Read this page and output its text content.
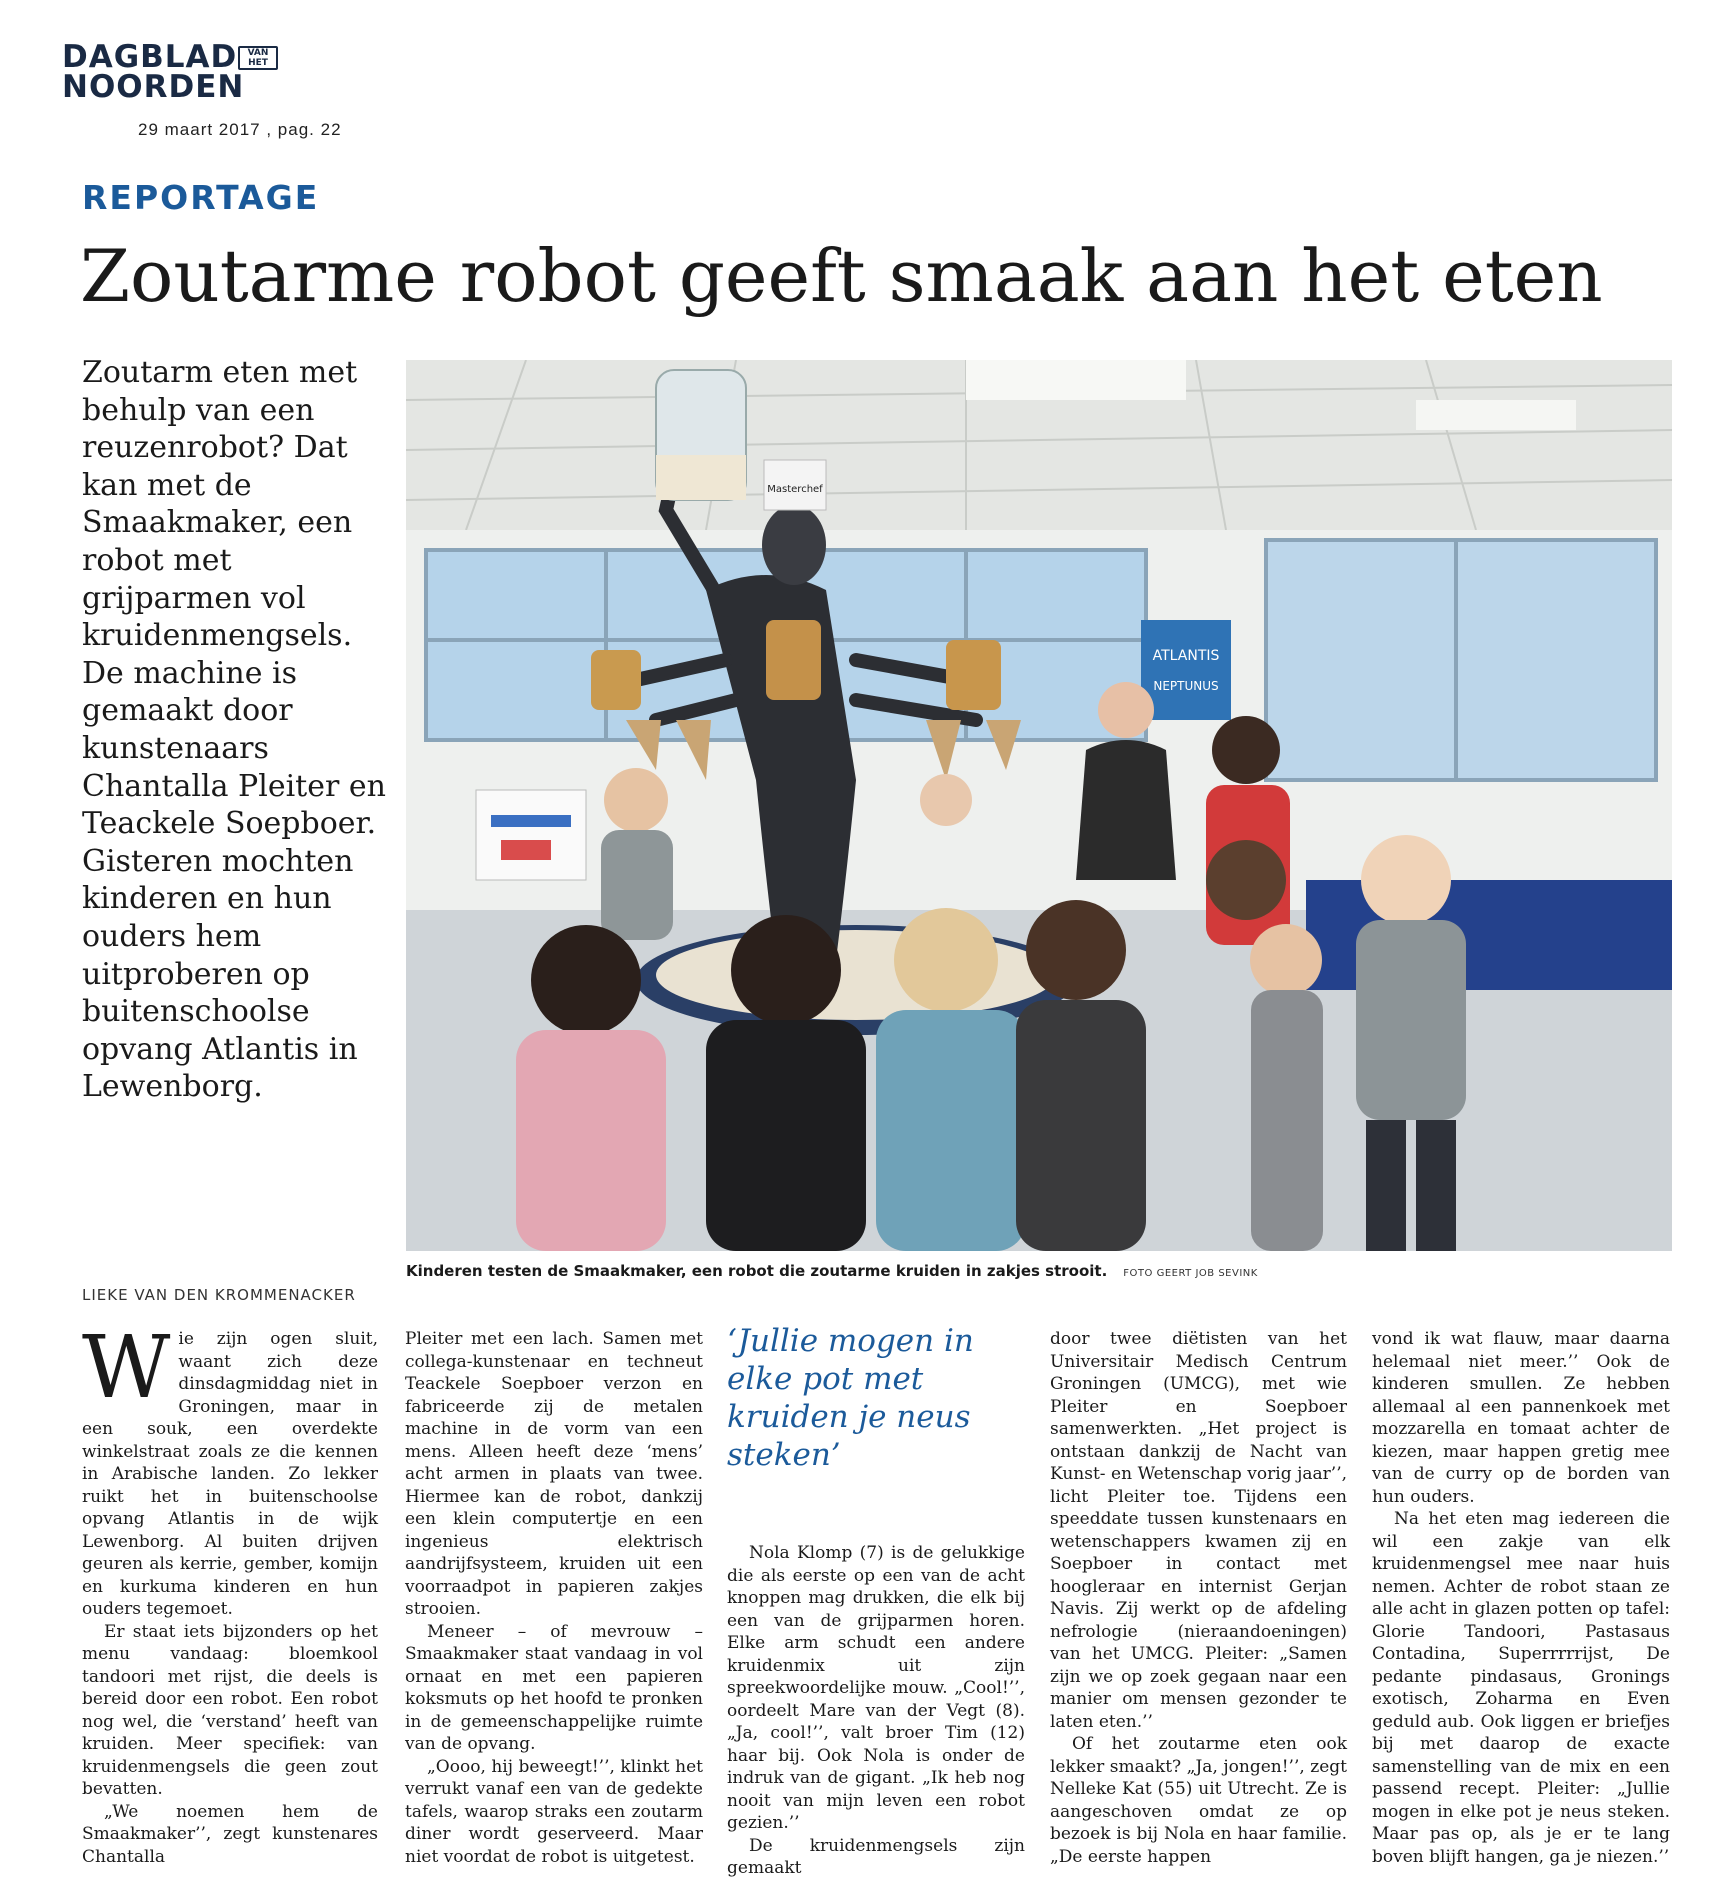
DAGBLAD
NOORDEN
VAN HET
29 maart 2017 , pag. 22
REPORTAGE
Zoutarme robot geeft smaak aan het eten
Zoutarm eten met behulp van een reuzenrobot? Dat kan met de Smaakmaker, een robot met grijparmen vol kruidenmengsels. De machine is gemaakt door kunstenaars Chantalla Pleiter en Teackele Soepboer. Gisteren mochten kinderen en hun ouders hem uitproberen op buitenschoolse opvang Atlantis in Lewenborg.
ATLANTIS
NEPTUNUS
Masterchef
Kinderen testen de Smaakmaker, een robot die zoutarme kruiden in zakjes strooit. FOTO GEERT JOB SEVINK
LIEKE VAN DEN KROMMENACKER
W ie zijn ogen sluit, waant zich deze dinsdagmiddag niet in Groningen, maar in een souk, een overdekte winkelstraat zoals ze die kennen in Arabische landen. Zo lekker ruikt het in buitenschoolse opvang Atlantis in de wijk Lewenborg. Al buiten drijven geuren als kerrie, gember, komijn en kurkuma kinderen en hun ouders tegemoet.

Er staat iets bijzonders op het menu vandaag: bloemkool tandoori met rijst, die deels is bereid door een robot. Een robot nog wel, die ‘verstand’ heeft van kruiden. Meer specifiek: van kruidenmengsels die geen zout bevatten.

„We noemen hem de Smaakmaker’’, zegt kunstenares Chantalla

Pleiter met een lach. Samen met collega-kunstenaar en techneut Teackele Soepboer verzon en fabriceerde zij de metalen machine in de vorm van een mens. Alleen heeft deze ‘mens’ acht armen in plaats van twee. Hiermee kan de robot, dankzij een klein computertje en een ingenieus elektrisch aandrijfsysteem, kruiden uit een voorraadpot in papieren zakjes strooien.

Meneer – of mevrouw – Smaakmaker staat vandaag in vol ornaat en met een papieren koksmuts op het hoofd te pronken in de gemeenschappelijke ruimte van de opvang.

„Oooo, hij beweegt!’’, klinkt het verrukt vanaf een van de gedekte tafels, waarop straks een zoutarm diner wordt geserveerd. Maar niet voordat de robot is uitgetest.

‘Jullie mogen in elke pot met kruiden je neus steken’

Nola Klomp (7) is de gelukkige die als eerste op een van de acht knoppen mag drukken, die elk bij een van de grijparmen horen. Elke arm schudt een andere kruidenmix uit zijn spreekwoordelijke mouw. „Cool!’’, oordeelt Mare van der Vegt (8). „Ja, cool!’’, valt broer Tim (12) haar bij. Ook Nola is onder de indruk van de gigant. „Ik heb nog nooit van mijn leven een robot gezien.’’

De kruidenmengsels zijn gemaakt

door twee diëtisten van het Universitair Medisch Centrum Groningen (UMCG), met wie Pleiter en Soepboer samenwerkten. „Het project is ontstaan dankzij de Nacht van Kunst- en Wetenschap vorig jaar’’, licht Pleiter toe. Tijdens een speeddate tussen kunstenaars en wetenschappers kwamen zij en Soepboer in contact met hoogleraar en internist Gerjan Navis. Zij werkt op de afdeling nefrologie (nieraandoeningen) van het UMCG. Pleiter: „Samen zijn we op zoek gegaan naar een manier om mensen gezonder te laten eten.’’

Of het zoutarme eten ook lekker smaakt? „Ja, jongen!’’, zegt Nelleke Kat (55) uit Utrecht. Ze is aangeschoven omdat ze op bezoek is bij Nola en haar familie. „De eerste happen

vond ik wat flauw, maar daarna helemaal niet meer.’’ Ook de kinderen smullen. Ze hebben allemaal al een pannenkoek met mozzarella en tomaat achter de kiezen, maar happen gretig mee van de curry op de borden van hun ouders.

Na het eten mag iedereen die wil een zakje van elk kruidenmengsel mee naar huis nemen. Achter de robot staan ze alle acht in glazen potten op tafel: Glorie Tandoori, Pastasaus Contadina, Superrrrrijst, De pedante pindasaus, Gronings exotisch, Zoharma en Even geduld aub. Ook liggen er briefjes bij met daarop de exacte samenstelling van de mix en een passend recept. Pleiter: „Jullie mogen in elke pot je neus steken. Maar pas op, als je er te lang boven blijft hangen, ga je niezen.’’
